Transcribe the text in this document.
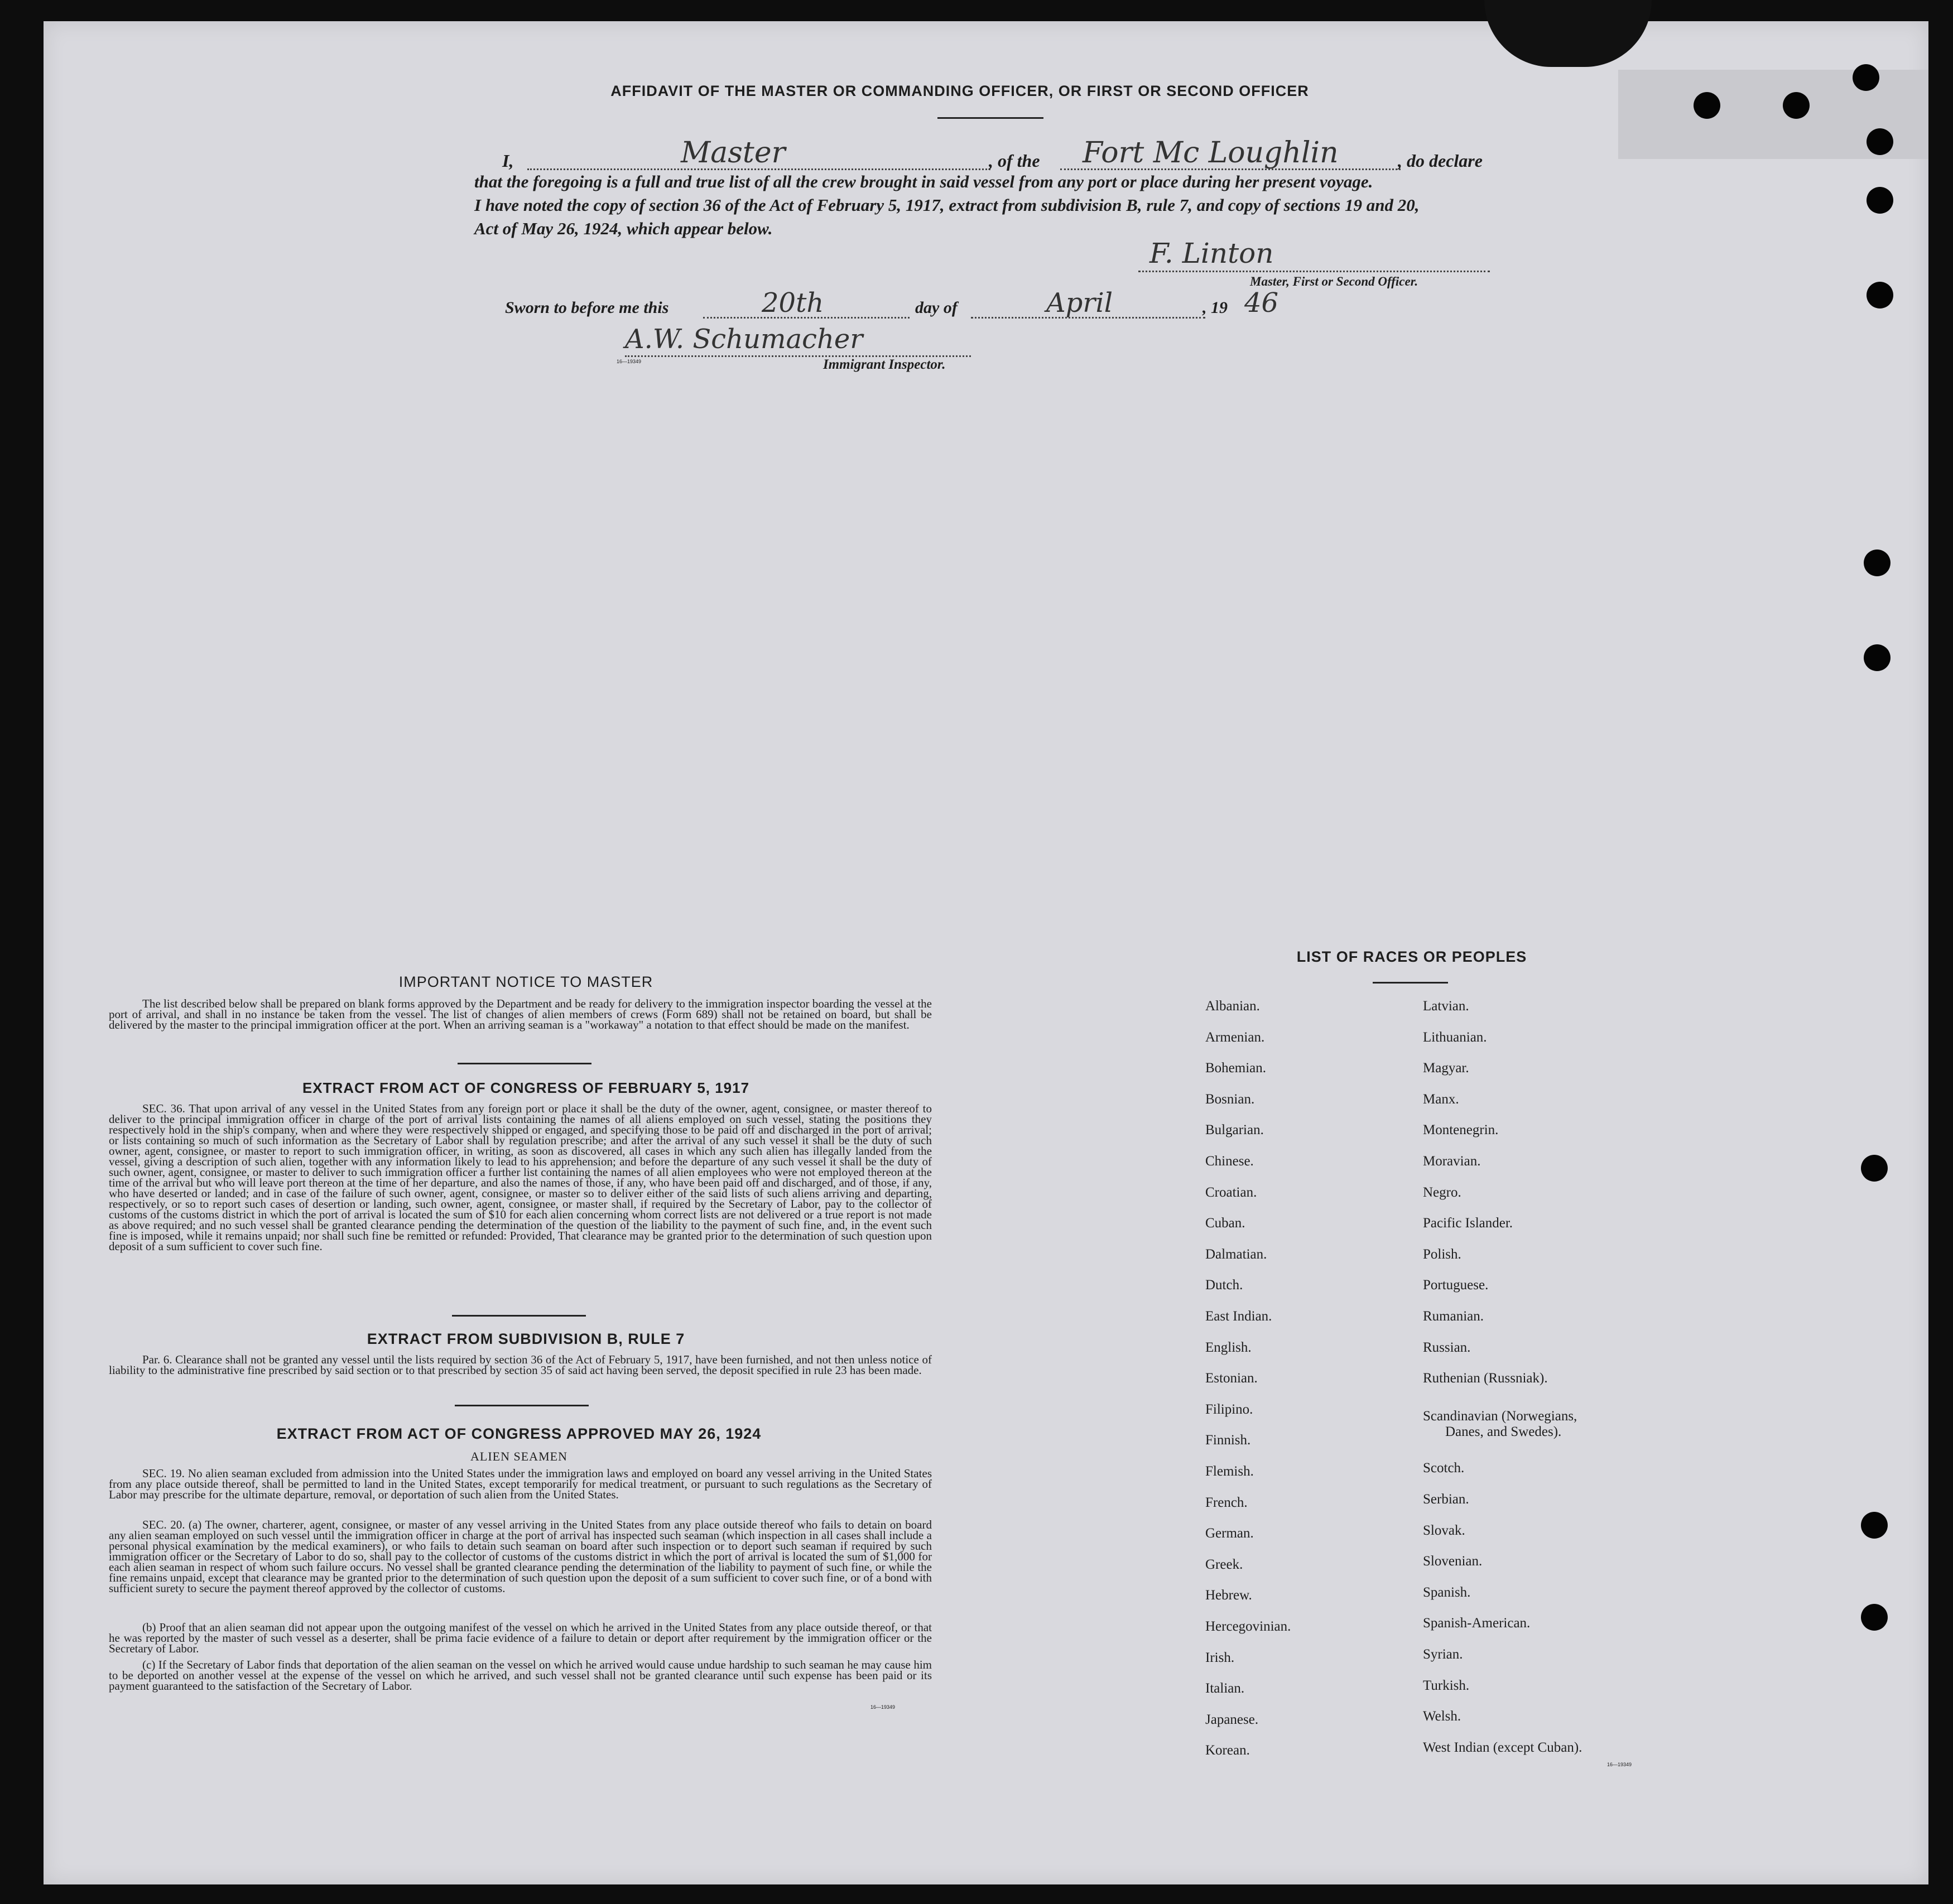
AFFIDAVIT OF THE MASTER OR COMMANDING OFFICER, OR FIRST OR SECOND OFFICER
I,	Master	, of the Fort Mc Loughlin	, do declare
that the foregoing is a full and true list of all the crew brought in said vessel from any port or place during her present voyage.
I have noted the copy of section 36 of the Act of February 5, 1917, extract from subdivision B, rule 7, and copy of sections 19 and 20,
Act of May 26, 1924, which appear below.
F. Linton
Master, First or Second Officer.
Sworn to before me this	20th	day of	April	, 19 46
A.W. Schumacher
16—19349	Immigrant Inspector.
IMPORTANT NOTICE TO MASTER
The list described below shall be prepared on blank forms approved by the Department and be ready for delivery to the immigration inspector boarding the vessel at the port of arrival, and shall in no instance be taken from the vessel. The list of changes of alien members of crews (Form 689) shall not be retained on board, but shall be delivered by the master to the principal immigration officer at the port. When an arriving seaman is a "workaway" a notation to that effect should be made on the manifest.
EXTRACT FROM ACT OF CONGRESS OF FEBRUARY 5, 1917
SEC. 36. That upon arrival of any vessel in the United States from any foreign port or place it shall be the duty of the owner, agent, consignee, or master thereof to deliver to the principal immigration officer in charge of the port of arrival lists containing the names of all aliens employed on such vessel, stating the positions they respectively hold in the ship's company, when and where they were respectively shipped or engaged, and specifying those to be paid off and discharged in the port of arrival; or lists containing so much of such information as the Secretary of Labor shall by regulation prescribe; and after the arrival of any such vessel it shall be the duty of such owner, agent, consignee, or master to report to such immigration officer, in writing, as soon as discovered, all cases in which any such alien has illegally landed from the vessel, giving a description of such alien, together with any information likely to lead to his apprehension; and before the departure of any such vessel it shall be the duty of such owner, agent, consignee, or master to deliver to such immigration officer a further list containing the names of all alien employees who were not employed thereon at the time of the arrival but who will leave port thereon at the time of her departure, and also the names of those, if any, who have been paid off and discharged, and of those, if any, who have deserted or landed; and in case of the failure of such owner, agent, consignee, or master so to deliver either of the said lists of such aliens arriving and departing, respectively, or so to report such cases of desertion or landing, such owner, agent, consignee, or master shall, if required by the Secretary of Labor, pay to the collector of customs of the customs district in which the port of arrival is located the sum of $10 for each alien concerning whom correct lists are not delivered or a true report is not made as above required; and no such vessel shall be granted clearance pending the determination of the question of the liability to the payment of such fine, and, in the event such fine is imposed, while it remains unpaid; nor shall such fine be remitted or refunded: Provided, That clearance may be granted prior to the determination of such question upon deposit of a sum sufficient to cover such fine.
EXTRACT FROM SUBDIVISION B, RULE 7
Par. 6. Clearance shall not be granted any vessel until the lists required by section 36 of the Act of February 5, 1917, have been furnished, and not then unless notice of liability to the administrative fine prescribed by said section or to that prescribed by section 35 of said act having been served, the deposit specified in rule 23 has been made.
EXTRACT FROM ACT OF CONGRESS APPROVED MAY 26, 1924
ALIEN SEAMEN
SEC. 19. No alien seaman excluded from admission into the United States under the immigration laws and employed on board any vessel arriving in the United States from any place outside thereof, shall be permitted to land in the United States, except temporarily for medical treatment, or pursuant to such regulations as the Secretary of Labor may prescribe for the ultimate departure, removal, or deportation of such alien from the United States.
SEC. 20. (a) The owner, charterer, agent, consignee, or master of any vessel arriving in the United States from any place outside thereof who fails to detain on board any alien seaman employed on such vessel until the immigration officer in charge at the port of arrival has inspected such seaman (which inspection in all cases shall include a personal physical examination by the medical examiners), or who fails to detain such seaman on board after such inspection or to deport such seaman if required by such immigration officer or the Secretary of Labor to do so, shall pay to the collector of customs of the customs district in which the port of arrival is located the sum of $1,000 for each alien seaman in respect of whom such failure occurs. No vessel shall be granted clearance pending the determination of the liability to payment of such fine, or while the fine remains unpaid, except that clearance may be granted prior to the determination of such question upon the deposit of a sum sufficient to cover such fine, or of a bond with sufficient surety to secure the payment thereof approved by the collector of customs.
(b) Proof that an alien seaman did not appear upon the outgoing manifest of the vessel on which he arrived in the United States from any place outside thereof, or that he was reported by the master of such vessel as a deserter, shall be prima facie evidence of a failure to detain or deport after requirement by the immigration officer or the Secretary of Labor.
(c) If the Secretary of Labor finds that deportation of the alien seaman on the vessel on which he arrived would cause undue hardship to such seaman he may cause him to be deported on another vessel at the expense of the vessel on which he arrived, and such vessel shall not be granted clearance until such expense has been paid or its payment guaranteed to the satisfaction of the Secretary of Labor.
16—19349
LIST OF RACES OR PEOPLES
Albanian.
Armenian.
Bohemian.
Bosnian.
Bulgarian.
Chinese.
Croatian.
Cuban.
Dalmatian.
Dutch.
East Indian.
English.
Estonian.
Filipino.
Finnish.
Flemish.
French.
German.
Greek.
Hebrew.
Hercegovinian.
Irish.
Italian.
Japanese.
Korean.
Latvian.
Lithuanian.
Magyar.
Manx.
Montenegrin.
Moravian.
Negro.
Pacific Islander.
Polish.
Portuguese.
Rumanian.
Russian.
Ruthenian (Russniak).
Scandinavian (Norwegians,
Danes, and Swedes).
Scotch.
Serbian.
Slovak.
Slovenian.
Spanish.
Spanish-American.
Syrian.
Turkish.
Welsh.
West Indian (except Cuban).
16—19349
